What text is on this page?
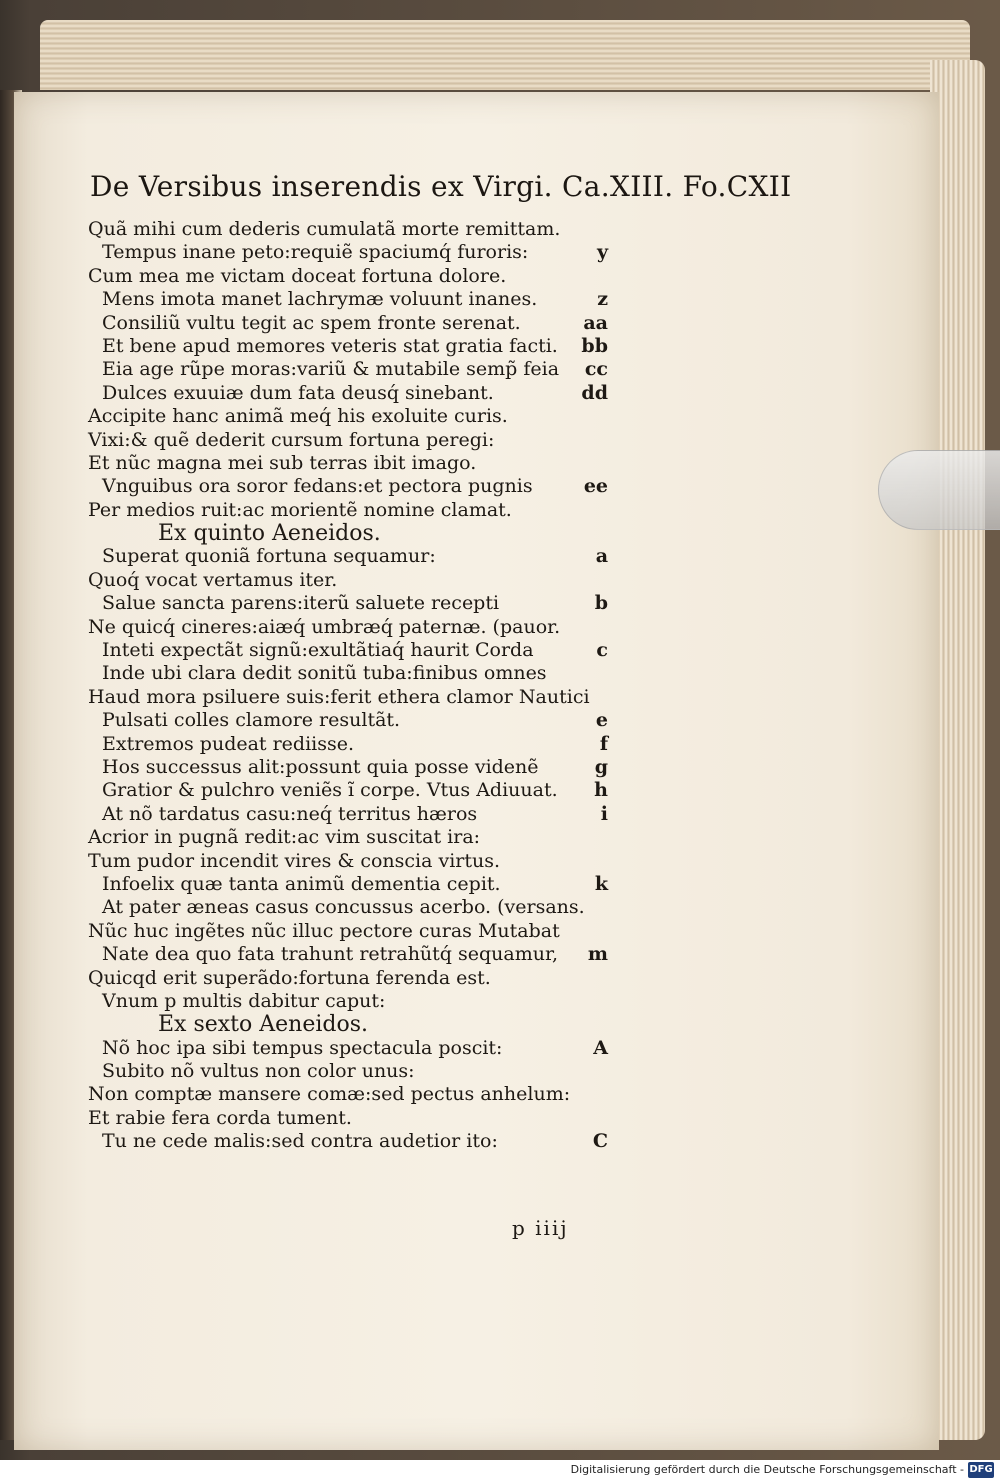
De Versibus inserendis ex Virgi. Ca.XIII. Fo.CXII
Quã mihi cum dederis cumulatã morte remittam.
Tempus inane peto:requiẽ spaciumq́ furoris:	y
Cum mea me victam doceat fortuna dolore.
Mens imota manet lachrymæ voluunt inanes.	z
Consiliũ vultu tegit ac spem fronte serenat.	aa
Et bene apud memores veteris stat gratia facti.	bb
Eia age rũpe moras:variũ & mutabile semp̃ feia	cc
Dulces exuuiæ dum fata deusq́ sinebant.	dd
Accipite hanc animã meq́ his exoluite curis.
Vixi:& quẽ dederit cursum fortuna peregi:
Et nũc magna mei sub terras ibit imago.
Vnguibus ora soror fedans:et pectora pugnis	ee
Per medios ruit:ac morientẽ nomine clamat.
Ex quinto Aeneidos.
Superat quoniã fortuna sequamur:	a
Quoq́ vocat vertamus iter.
Salue sancta parens:iterũ saluete recepti	b
Ne quicq́ cineres:aiæq́ umbræq́ paternæ. (pauor.
Inteti expectãt signũ:exultãtiaq́ haurit Corda	c
Inde ubi clara dedit sonitũ tuba:finibus omnes
Haud mora psiluere suis:ferit ethera clamor Nautici
Pulsati colles clamore resultãt.	e
Extremos pudeat rediisse.	f
Hos successus alit:possunt quia posse videnẽ	g
Gratior & pulchro veniẽs ĩ corpe. Vtus Adiuuat.	h
At nõ tardatus casu:neq́ territus hæros	i
Acrior in pugnã redit:ac vim suscitat ira:
Tum pudor incendit vires & conscia virtus.
Infoelix quæ tanta animũ dementia cepit.	k
At pater æneas casus concussus acerbo. (versans.
Nũc huc ingẽtes nũc illuc pectore curas Mutabat
Nate dea quo fata trahunt retrahũtq́ sequamur,	m
Quicqd erit superãdo:fortuna ferenda est.
Vnum p multis dabitur caput:
Ex sexto Aeneidos.
Nõ hoc ipa sibi tempus spectacula poscit:	A
Subito nõ vultus non color unus:
Non comptæ mansere comæ:sed pectus anhelum:
Et rabie fera corda tument.
Tu ne cede malis:sed contra audetior ito:	C
p iiij
Digitalisierung gefördert durch die Deutsche Forschungsgemeinschaft - DFG
